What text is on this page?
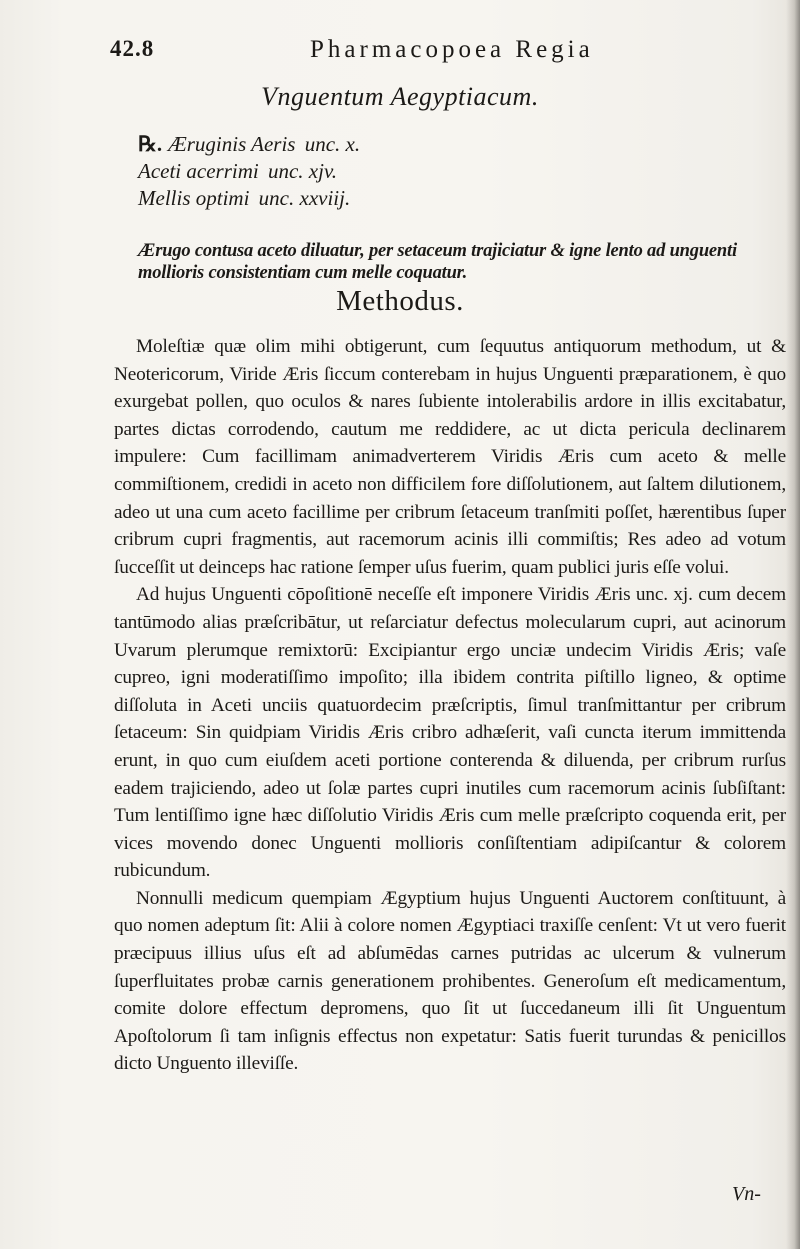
42.8	Pharmacopoea Regia
Vnguentum Aegyptiacum.
℞. Æruginis Aeris unc. x.
Aceti acerrimi unc. xjv.
Mellis optimi unc. xxviij.
Ærugo contusa aceto diluatur, per setaceum trajiciatur & igne lento ad unguenti mollioris consistentiam cum melle coquatur.
Methodus.

Moleſtiæ quæ olim mihi obtigerunt, cum ſequutus antiquorum methodum, ut & Neotericorum, Viride Æris ſiccum conterebam in hujus Unguenti præparationem, è quo exurgebat pollen, quo oculos & nares ſubiente intolerabilis ardore in illis excitabatur, partes dictas corrodendo, cautum me reddidere, ac ut dicta pericula declinarem impulere: Cum facillimam animadverterem Viridis Æris cum aceto & melle commiſtionem, credidi in aceto non difficilem fore diſſolutionem, aut ſaltem dilutionem, adeo ut una cum aceto facillime per cribrum ſetaceum tranſmiti poſſet, hærentibus ſuper cribrum cupri fragmentis, aut racemorum acinis illi commiſtis; Res adeo ad votum ſucceſſit ut deinceps hac ratione ſemper uſus fuerim, quam publici juris eſſe volui.

Ad hujus Unguenti cōpoſitionē neceſſe eſt imponere Viridis Æris unc. xj. cum decem tantūmodo alias præſcribātur, ut reſarciatur defectus molecularum cupri, aut acinorum Uvarum plerumque remixtorū: Excipiantur ergo unciæ undecim Viridis Æris; vaſe cupreo, igni moderatiſſimo impoſito; illa ibidem contrita piſtillo ligneo, & optime diſſoluta in Aceti unciis quatuordecim præſcriptis, ſimul tranſmittantur per cribrum ſetaceum: Sin quidpiam Viridis Æris cribro adhæſerit, vaſi cuncta iterum immittenda erunt, in quo cum eiuſdem aceti portione conterenda & diluenda, per cribrum rurſus eadem trajiciendo, adeo ut ſolæ partes cupri inutiles cum racemorum acinis ſubſiſtant: Tum lentiſſimo igne hæc diſſolutio Viridis Æris cum melle præſcripto coquenda erit, per vices movendo donec Unguenti mollioris conſiſtentiam adipiſcantur & colorem rubicundum.

Nonnulli medicum quempiam Ægyptium hujus Unguenti Auctorem conſtituunt, à quo nomen adeptum ſit: Alii à colore nomen Ægyptiaci traxiſſe cenſent: Vt ut vero fuerit præcipuus illius uſus eſt ad abſumēdas carnes putridas ac ulcerum & vulnerum ſuperfluitates probæ carnis generationem prohibentes. Generoſum eſt medicamentum, comite dolore effectum depromens, quo ſit ut ſuccedaneum illi ſit Unguentum Apoſtolorum ſi tam inſignis effectus non expetatur: Satis fuerit turundas & penicillos dicto Unguento illeviſſe.

Vn-
